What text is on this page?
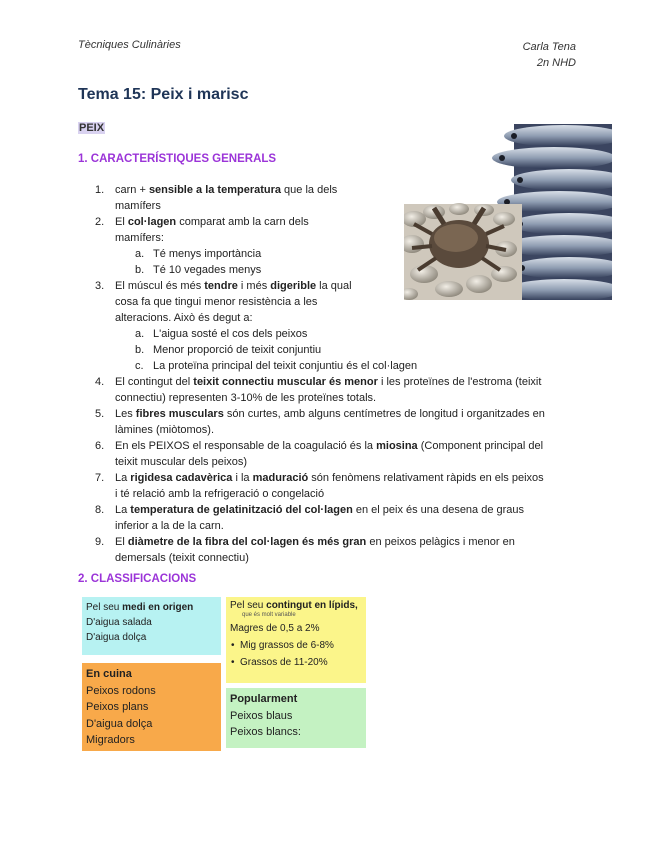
Tècniques Culinàries	Carla Tena
2n NHD
Tema 15: Peix i marisc
PEIX
1. CARACTERÍSTIQUES GENERALS
1. carn + sensible a la temperatura que la dels
mamífers
2. El col·lagen comparat amb la carn dels
mamífers:
a. Té menys importància
b. Té 10 vegades menys
3. El múscul és més tendre i més digerible la qual
cosa fa que tingui menor resistència a les
alteracions. Això és degut a:
a. L'aigua sosté el cos dels peixos
b. Menor proporció de teixit conjuntiu
c. La proteïna principal del teixit conjuntiu és el col·lagen
4. El contingut del teixit connectiu muscular és menor i les proteïnes de l'estroma (teixit
connectiu) representen 3-10% de les proteïnes totals.
5. Les fibres musculars són curtes, amb alguns centímetres de longitud i organitzades en
làmines (miòtomos).
6. En els PEIXOS el responsable de la coagulació és la miosina (Component principal del
teixit muscular dels peixos)
7. La rigidesa cadavèrica i la maduració són fenòmens relativament ràpids en els peixos
i té relació amb la refrigeració o congelació
8. La temperatura de gelatinització del col·lagen en el peix és una desena de graus
inferior a la de la carn.
9. El diàmetre de la fibra del col·lagen és més gran en peixos pelàgics i menor en
demersals (teixit connectiu)
2. CLASSIFICACIONS
Pel seu medi en origen
D'aigua salada
D'aigua dolça
Pel seu contingut en lípids,
que és molt variable
Magres de 0,5 a 2%
• Mig grassos de 6-8%
• Grassos de 11-20%
En cuina
Peixos rodons
Peixos plans
D'aigua dolça
Migradors
Popularment
Peixos blaus
Peixos blancs:
